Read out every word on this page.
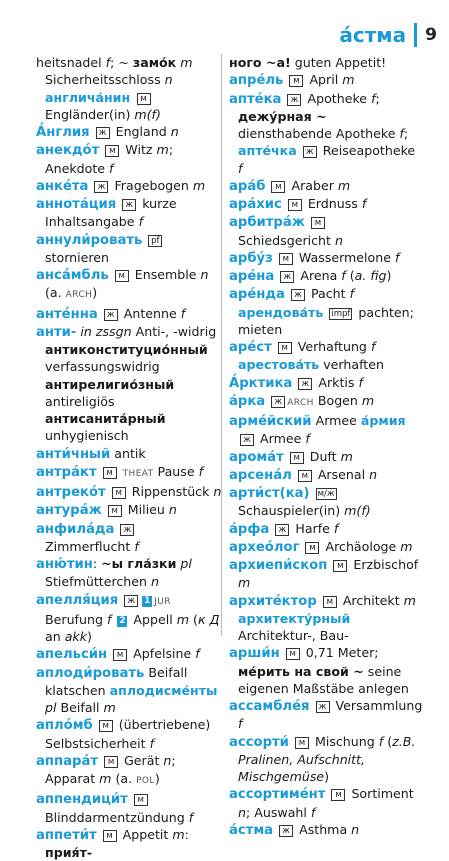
а́стма 9

heitsnadel f; ~ замо́к m Sicherheitsschloss n англича́нин м Engländer(in) m(f)

А́нглия ж England n

анекдо́т м Witz m; Anekdote f

анке́та ж Fragebogen m

аннота́ция ж kurze Inhaltsangabe f

аннули́ровать pf stornieren

анса́мбль м Ensemble n (a. ARCH)

анте́нна ж Antenne f

анти- in zssgn Anti-, -widrig антиконституцио́нный verfassungswidrig антирелигио́зный antireligiös антисанита́рный unhygienisch

анти́чный antik

антра́кт м THEAT Pause f

антреко́т м Rippenstück n

антура́ж м Milieu n

анфила́да ж Zimmerflucht f

аню́тин: ~ы гла́зки pl Stiefmütterchen n

апелля́ция ж 1 JUR Berufung f 2 Appell m (к Д an akk)

апельси́н м Apfelsine f

аплоди́ровать Beifall klatschen аплодисме́нты pl Beifall m

апло́мб м (übertriebene) Selbstsicherheit f

аппара́т м Gerät n; Apparat m (a. POL)

аппендици́т м Blinddarmentzündung f

аппети́т м Appetit m: прия́т-

ного ~а! guten Appetit!

апре́ль м April m

апте́ка ж Apotheke f; дежу́рная ~ diensthabende Apotheke f; апте́чка ж Reiseapotheke f

ара́б м Araber m

ара́хис м Erdnuss f

арбитра́ж м Schiedsgericht n

арбу́з м Wassermelone f

аре́на ж Arena f (a. fig)

аре́нда ж Pacht f арендова́ть impf pachten; mieten

аре́ст м Verhaftung f арестова́ть verhaften

А́рктика ж Arktis f

а́рка ж ARCH Bogen m

арме́йский Armee а́рмия ж Armee f

арома́т м Duft m

арсена́л м Arsenal n

арти́ст(ка) м/ж Schauspieler(in) m(f)

а́рфа ж Harfe f

архео́лог м Archäologe m

архиепи́скоп м Erzbischof m

архите́ктор м Architekt m архитекту́рный Architektur-, Bau-

арши́н м 0,71 Meter; ме́рить на свой ~ seine eigenen Maßstäbe anlegen

ассамбле́я ж Versammlung f

ассорти́ м Mischung f (z.B. Pralinen, Aufschnitt, Mischgemüse)

ассортиме́нт м Sortiment n; Auswahl f

а́стма ж Asthma n
